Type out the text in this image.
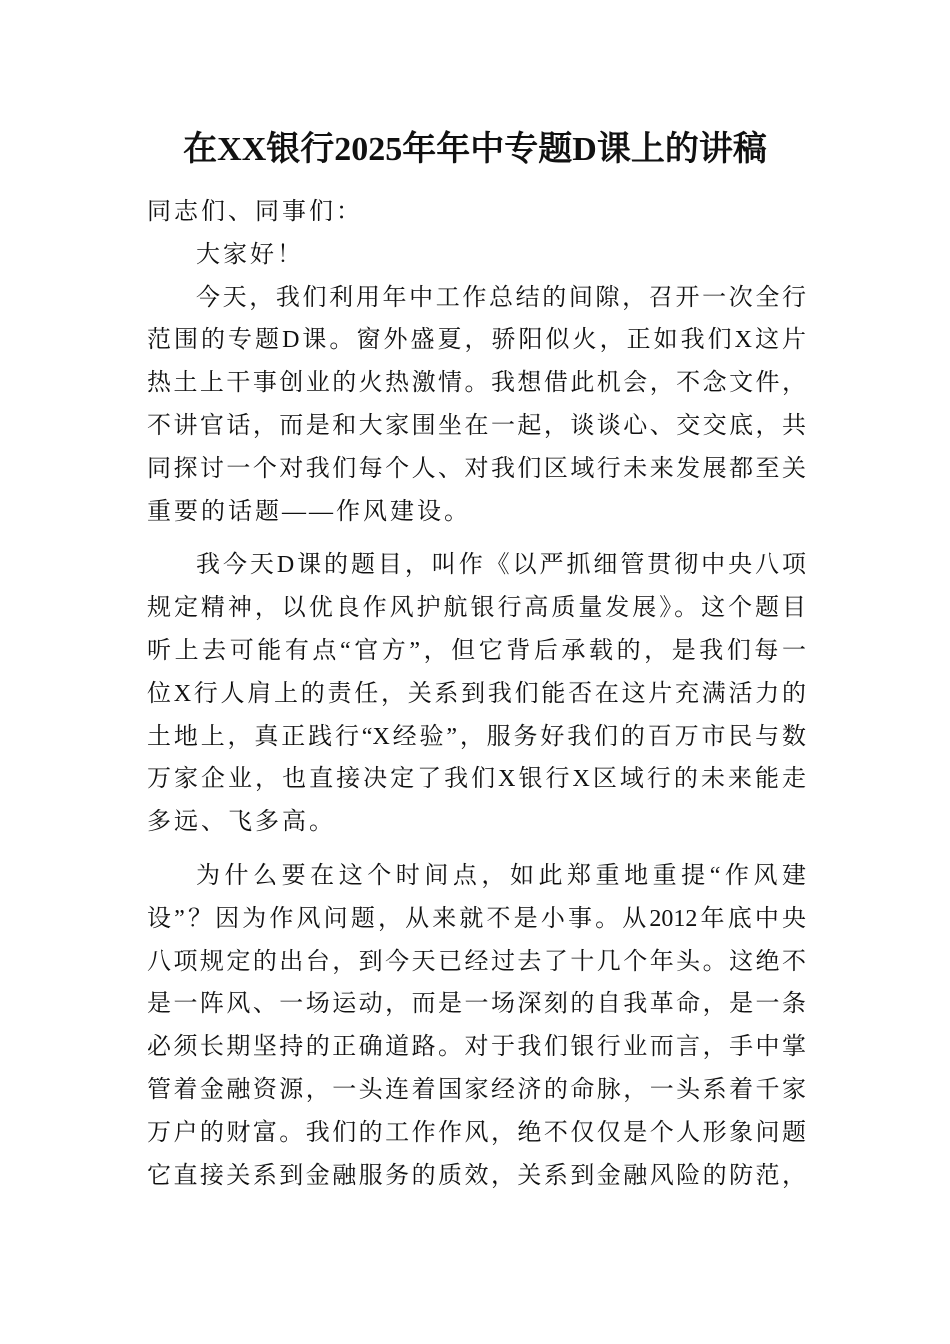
在XX银行2025年年中专题D课上的讲稿
同志们、同事们：
大家好！
今天，我们利用年中工作总结的间隙，召开一次全行
范围的专题D课。窗外盛夏，骄阳似火，正如我们X这片
热土上干事创业的火热激情。我想借此机会，不念文件，
不讲官话，而是和大家围坐在一起，谈谈心、交交底，共
同探讨一个对我们每个人、对我们区域行未来发展都至关
重要的话题——作风建设。
我今天D课的题目，叫作《以严抓细管贯彻中央八项
规定精神，以优良作风护航银行高质量发展》。这个题目
听上去可能有点“官方”，但它背后承载的，是我们每一
位X行人肩上的责任，关系到我们能否在这片充满活力的
土地上，真正践行“X经验”，服务好我们的百万市民与数
万家企业，也直接决定了我们X银行X区域行的未来能走
多远、飞多高。
为什么要在这个时间点，如此郑重地重提“作风建
设”？因为作风问题，从来就不是小事。从2012年底中央
八项规定的出台，到今天已经过去了十几个年头。这绝不
是一阵风、一场运动，而是一场深刻的自我革命，是一条
必须长期坚持的正确道路。对于我们银行业而言，手中掌
管着金融资源，一头连着国家经济的命脉，一头系着千家
万户的财富。我们的工作作风，绝不仅仅是个人形象问题
它直接关系到金融服务的质效，关系到金融风险的防范，
